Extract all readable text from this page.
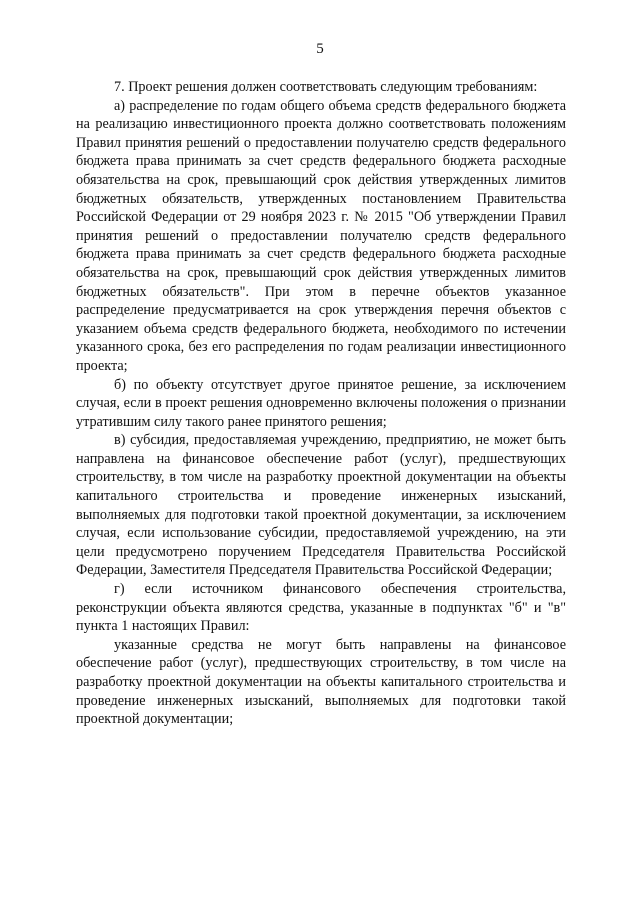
5

7. Проект решения должен соответствовать следующим требованиям:

а) распределение по годам общего объема средств федерального бюджета на реализацию инвестиционного проекта должно соответствовать положениям Правил принятия решений о предоставлении получателю средств федерального бюджета права принимать за счет средств федерального бюджета расходные обязательства на срок, превышающий срок действия утвержденных лимитов бюджетных обязательств, утвержденных постановлением Правительства Российской Федерации от 29 ноября 2023 г. № 2015 "Об утверждении Правил принятия решений о предоставлении получателю средств федерального бюджета права принимать за счет средств федерального бюджета расходные обязательства на срок, превышающий срок действия утвержденных лимитов бюджетных обязательств". При этом в перечне объектов указанное распределение предусматривается на срок утверждения перечня объектов с указанием объема средств федерального бюджета, необходимого по истечении указанного срока, без его распределения по годам реализации инвестиционного проекта;

б) по объекту отсутствует другое принятое решение, за исключением случая, если в проект решения одновременно включены положения о признании утратившим силу такого ранее принятого решения;

в) субсидия, предоставляемая учреждению, предприятию, не может быть направлена на финансовое обеспечение работ (услуг), предшествующих строительству, в том числе на разработку проектной документации на объекты капитального строительства и проведение инженерных изысканий, выполняемых для подготовки такой проектной документации, за исключением случая, если использование субсидии, предоставляемой учреждению, на эти цели предусмотрено поручением Председателя Правительства Российской Федерации, Заместителя Председателя Правительства Российской Федерации;

г) если источником финансового обеспечения строительства, реконструкции объекта являются средства, указанные в подпунктах "б" и "в" пункта 1 настоящих Правил:

указанные средства не могут быть направлены на финансовое обеспечение работ (услуг), предшествующих строительству, в том числе на разработку проектной документации на объекты капитального строительства и проведение инженерных изысканий, выполняемых для подготовки такой проектной документации;
